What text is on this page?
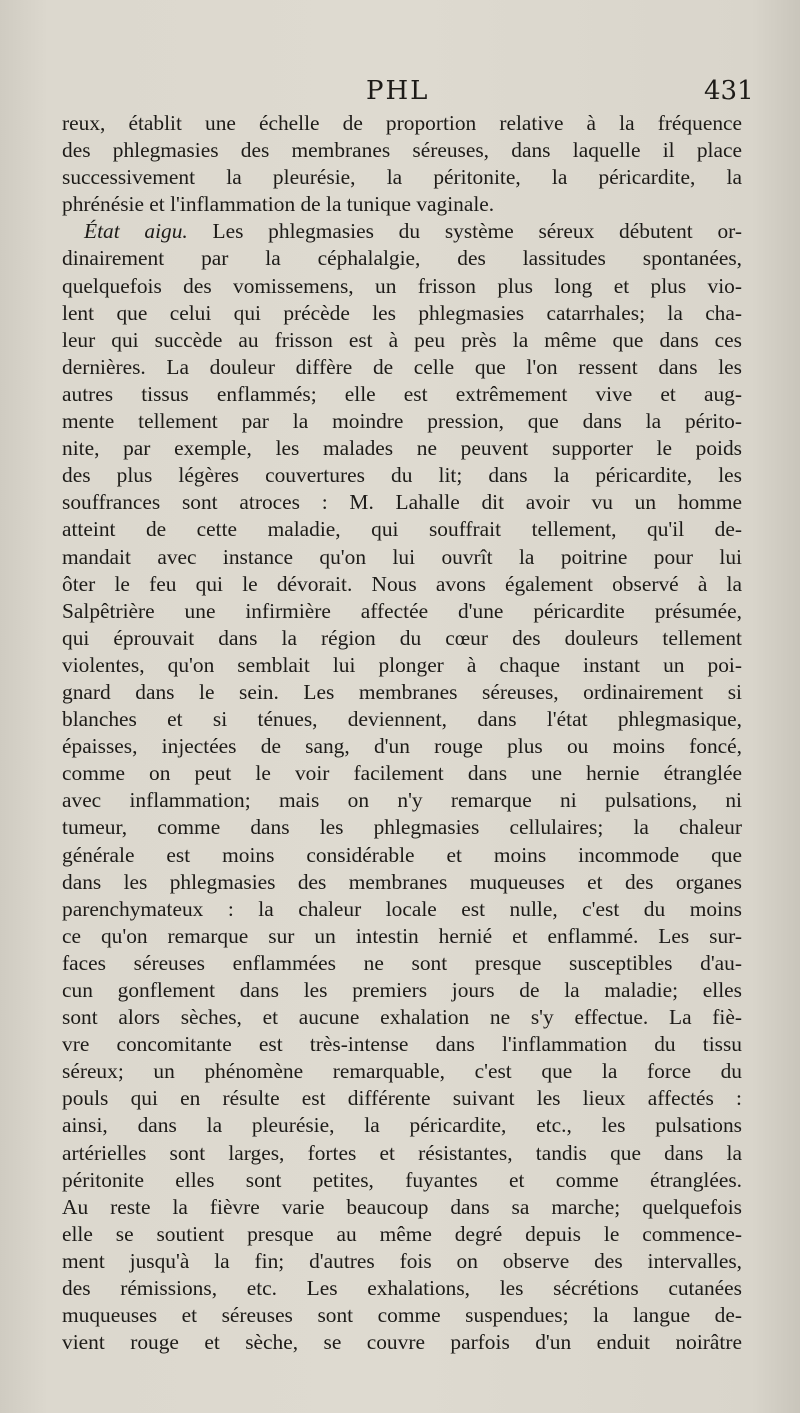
PHL	431
reux, établit une échelle de proportion relative à la fréquence
des phlegmasies des membranes séreuses, dans laquelle il place
successivement la pleurésie, la péritonite, la péricardite, la
phrénésie et l'inflammation de la tunique vaginale.
État aigu. Les phlegmasies du système séreux débutent or-
dinairement par la céphalalgie, des lassitudes spontanées,
quelquefois des vomissemens, un frisson plus long et plus vio-
lent que celui qui précède les phlegmasies catarrhales; la cha-
leur qui succède au frisson est à peu près la même que dans ces
dernières. La douleur diffère de celle que l'on ressent dans les
autres tissus enflammés; elle est extrêmement vive et aug-
mente tellement par la moindre pression, que dans la périto-
nite, par exemple, les malades ne peuvent supporter le poids
des plus légères couvertures du lit; dans la péricardite, les
souffrances sont atroces : M. Lahalle dit avoir vu un homme
atteint de cette maladie, qui souffrait tellement, qu'il de-
mandait avec instance qu'on lui ouvrît la poitrine pour lui
ôter le feu qui le dévorait. Nous avons également observé à la
Salpêtrière une infirmière affectée d'une péricardite présumée,
qui éprouvait dans la région du cœur des douleurs tellement
violentes, qu'on semblait lui plonger à chaque instant un poi-
gnard dans le sein. Les membranes séreuses, ordinairement si
blanches et si ténues, deviennent, dans l'état phlegmasique,
épaisses, injectées de sang, d'un rouge plus ou moins foncé,
comme on peut le voir facilement dans une hernie étranglée
avec inflammation; mais on n'y remarque ni pulsations, ni
tumeur, comme dans les phlegmasies cellulaires; la chaleur
générale est moins considérable et moins incommode que
dans les phlegmasies des membranes muqueuses et des organes
parenchymateux : la chaleur locale est nulle, c'est du moins
ce qu'on remarque sur un intestin hernié et enflammé. Les sur-
faces séreuses enflammées ne sont presque susceptibles d'au-
cun gonflement dans les premiers jours de la maladie; elles
sont alors sèches, et aucune exhalation ne s'y effectue. La fiè-
vre concomitante est très-intense dans l'inflammation du tissu
séreux; un phénomène remarquable, c'est que la force du
pouls qui en résulte est différente suivant les lieux affectés :
ainsi, dans la pleurésie, la péricardite, etc., les pulsations
artérielles sont larges, fortes et résistantes, tandis que dans la
péritonite elles sont petites, fuyantes et comme étranglées.
Au reste la fièvre varie beaucoup dans sa marche; quelquefois
elle se soutient presque au même degré depuis le commence-
ment jusqu'à la fin; d'autres fois on observe des intervalles,
des rémissions, etc. Les exhalations, les sécrétions cutanées
muqueuses et séreuses sont comme suspendues; la langue de-
vient rouge et sèche, se couvre parfois d'un enduit noirâtre
